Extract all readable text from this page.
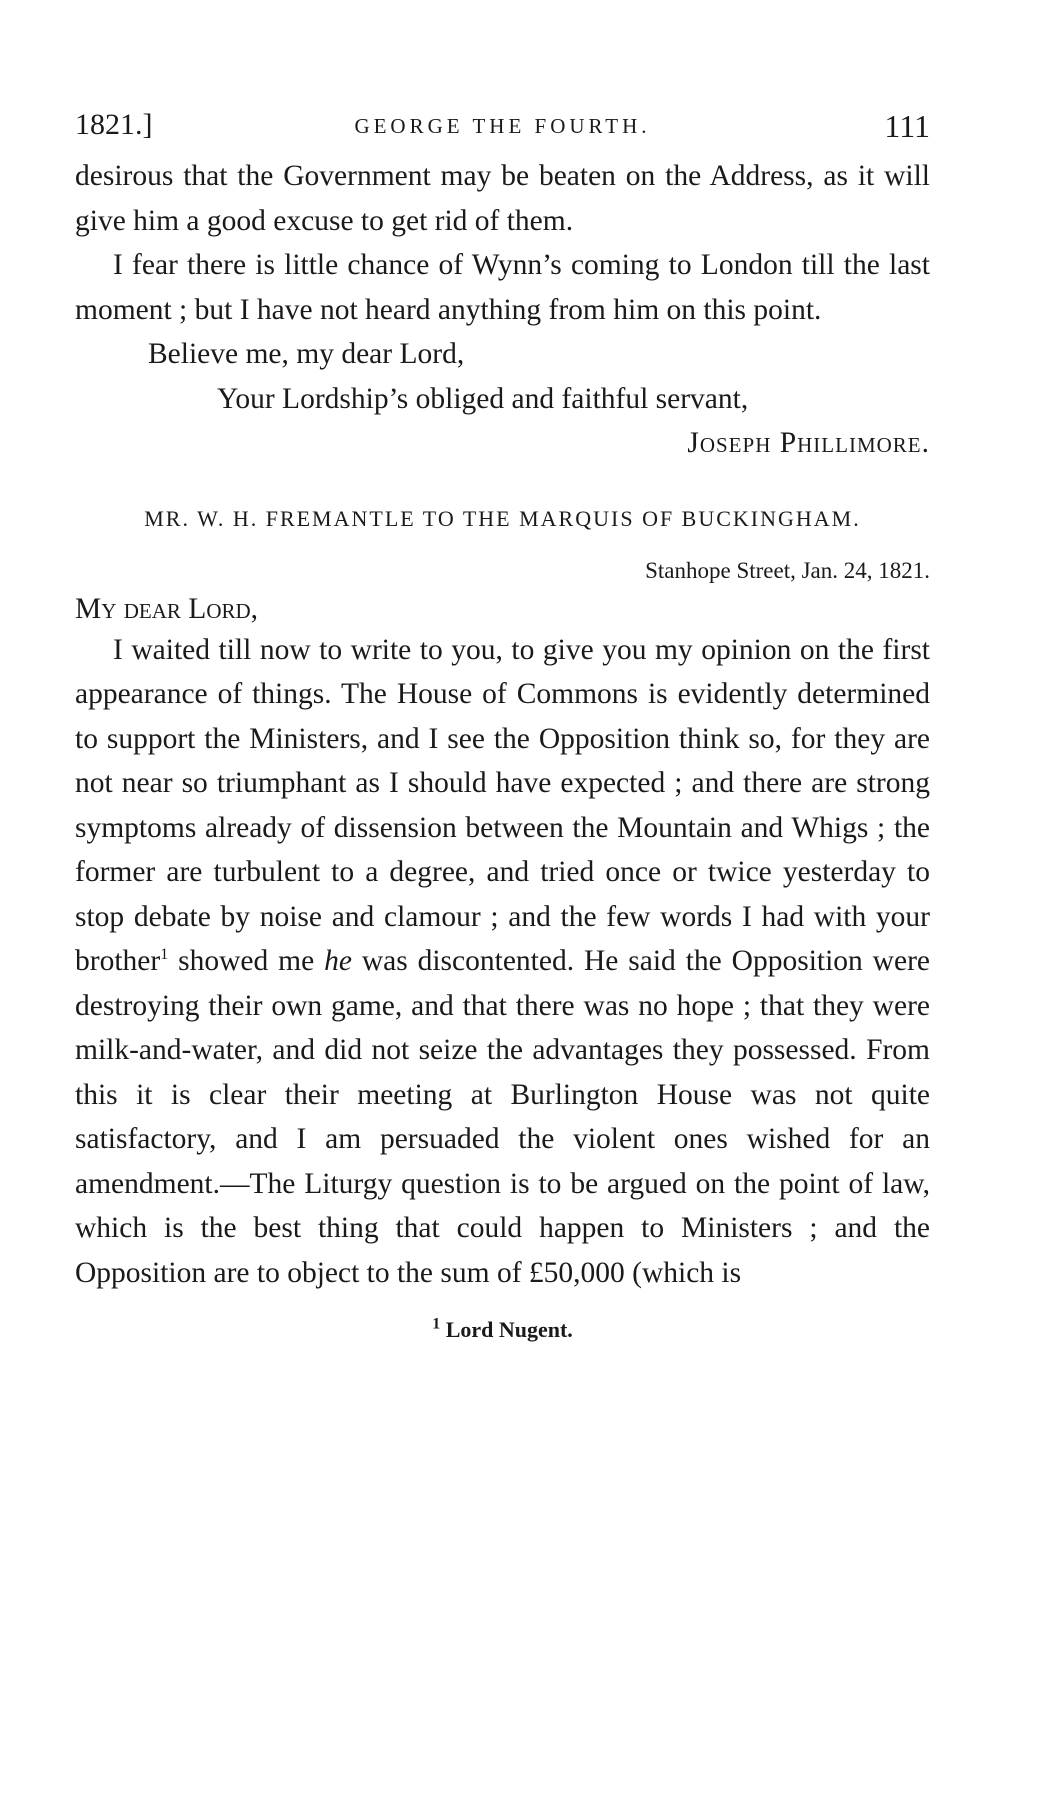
1821.]	GEORGE THE FOURTH.	111

desirous that the Government may be beaten on the Address, as it will give him a good excuse to get rid of them.

I fear there is little chance of Wynn’s coming to London till the last moment ; but I have not heard anything from him on this point.

Believe me, my dear Lord,

Your Lordship’s obliged and faithful servant,

Joseph Phillimore.

MR. W. H. FREMANTLE TO THE MARQUIS OF BUCKINGHAM.
Stanhope Street, Jan. 24, 1821.
My dear Lord,

I waited till now to write to you, to give you my opinion on the first appearance of things. The House of Commons is evidently determined to support the Ministers, and I see the Opposition think so, for they are not near so triumphant as I should have expected ; and there are strong symptoms already of dissension between the Mountain and Whigs ; the former are turbulent to a degree, and tried once or twice yesterday to stop debate by noise and clamour ; and the few words I had with your brother$^1$ showed me he was discontented. He said the Opposition were destroying their own game, and that there was no hope ; that they were milk-and-water, and did not seize the advantages they possessed. From this it is clear their meeting at Burlington House was not quite satisfactory, and I am persuaded the violent ones wished for an amendment.—The Liturgy question is to be argued on the point of law, which is the best thing that could happen to Ministers ; and the Opposition are to object to the sum of £50,000 (which is

$^1$ Lord Nugent.
